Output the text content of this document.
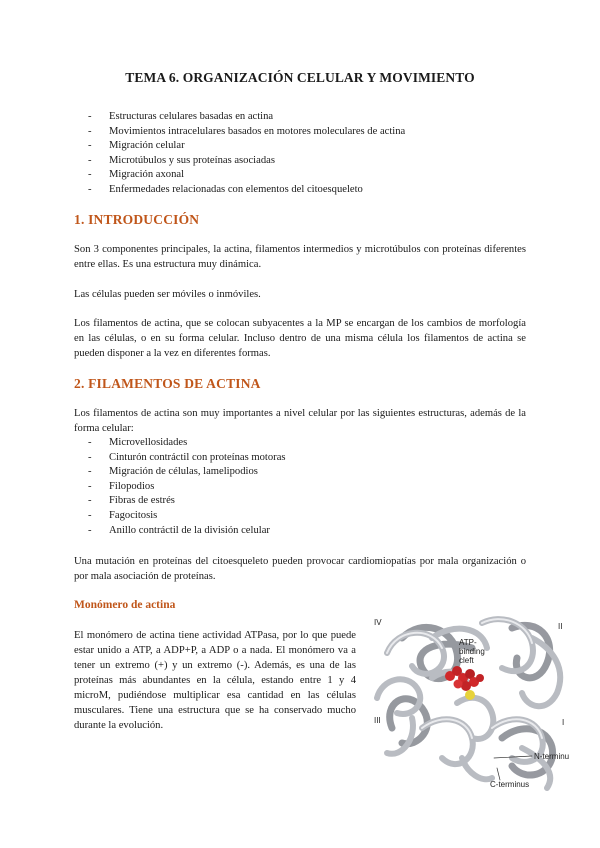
TEMA 6. ORGANIZACIÓN CELULAR Y MOVIMIENTO
- Estructuras celulares basadas en actina
- Movimientos intracelulares basados en motores moleculares de actina
- Migración celular
- Microtúbulos y sus proteínas asociadas
- Migración axonal
- Enfermedades relacionadas con elementos del citoesqueleto
1. INTRODUCCIÓN

Son 3 componentes principales, la actina, filamentos intermedios y microtúbulos con proteínas diferentes entre ellas. Es una estructura muy dinámica.

Las células pueden ser móviles o inmóviles.

Los filamentos de actina, que se colocan subyacentes a la MP se encargan de los cambios de morfología en las células, o en su forma celular. Incluso dentro de una misma célula los filamentos de actina se pueden disponer a la vez en diferentes formas.

2. FILAMENTOS DE ACTINA

Los filamentos de actina son muy importantes a nivel celular por las siguientes estructuras, además de la forma celular:

- Microvellosidades
- Cinturón contráctil con proteínas motoras
- Migración de células, lamelipodios
- Filopodios
- Fibras de estrés
- Fagocitosis
- Anillo contráctil de la división celular

Una mutación en proteínas del citoesqueleto pueden provocar cardiomiopatías por mala organización o por mala asociación de proteínas.

Monómero de actina

El monómero de actina tiene actividad ATPasa, por lo que puede estar unido a ATP, a ADP+P, a ADP o a nada. El monómero va a tener un extremo (+) y un extremo (-). Además, es una de las proteínas más abundantes en la célula, estando entre 1 y 4 microM, pudiéndose multiplicar esa cantidad en las células musculares. Tiene una estructura que se ha conservado mucho durante la evolución.

IV	II
III	I
ATP-
binding
cleft
N-terminu
C-terminus
